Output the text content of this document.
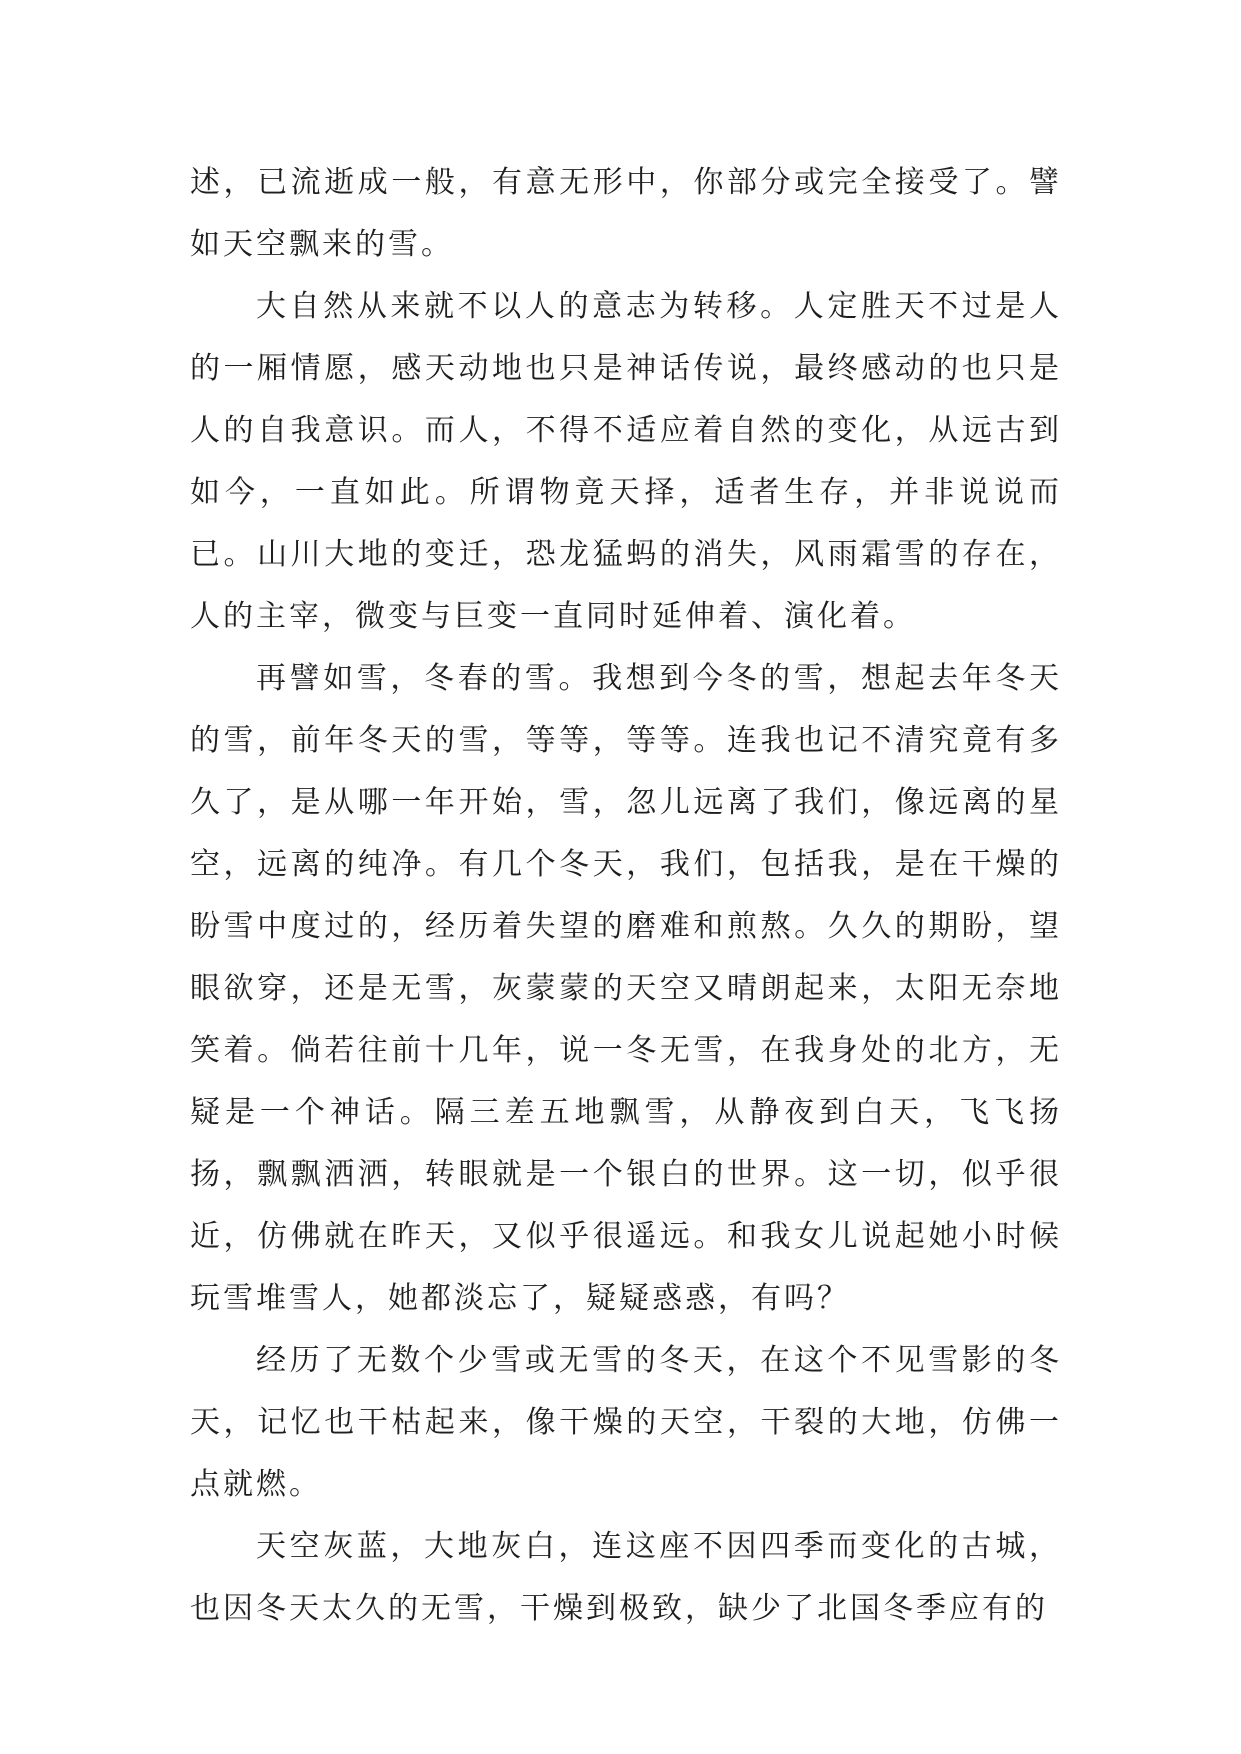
述，已流逝成一般，有意无形中，你部分或完全接受了。譬如天空飘来的雪。

大自然从来就不以人的意志为转移。人定胜天不过是人的一厢情愿，感天动地也只是神话传说，最终感动的也只是人的自我意识。而人，不得不适应着自然的变化，从远古到如今，一直如此。所谓物竟天择，适者生存，并非说说而已。山川大地的变迁，恐龙猛蚂的消失，风雨霜雪的存在，人的主宰，微变与巨变一直同时延伸着、演化着。

再譬如雪，冬春的雪。我想到今冬的雪，想起去年冬天的雪，前年冬天的雪，等等，等等。连我也记不清究竟有多久了，是从哪一年开始，雪，忽儿远离了我们，像远离的星空，远离的纯净。有几个冬天，我们，包括我，是在干燥的盼雪中度过的，经历着失望的磨难和煎熬。久久的期盼，望眼欲穿，还是无雪，灰蒙蒙的天空又晴朗起来，太阳无奈地笑着。倘若往前十几年，说一冬无雪，在我身处的北方，无疑是一个神话。隔三差五地飘雪，从静夜到白天，飞飞扬扬，飘飘洒洒，转眼就是一个银白的世界。这一切，似乎很近，仿佛就在昨天，又似乎很遥远。和我女儿说起她小时候玩雪堆雪人，她都淡忘了，疑疑惑惑，有吗？

经历了无数个少雪或无雪的冬天，在这个不见雪影的冬天，记忆也干枯起来，像干燥的天空，干裂的大地，仿佛一点就燃。

天空灰蓝，大地灰白，连这座不因四季而变化的古城，也因冬天太久的无雪，干燥到极致，缺少了北国冬季应有的
